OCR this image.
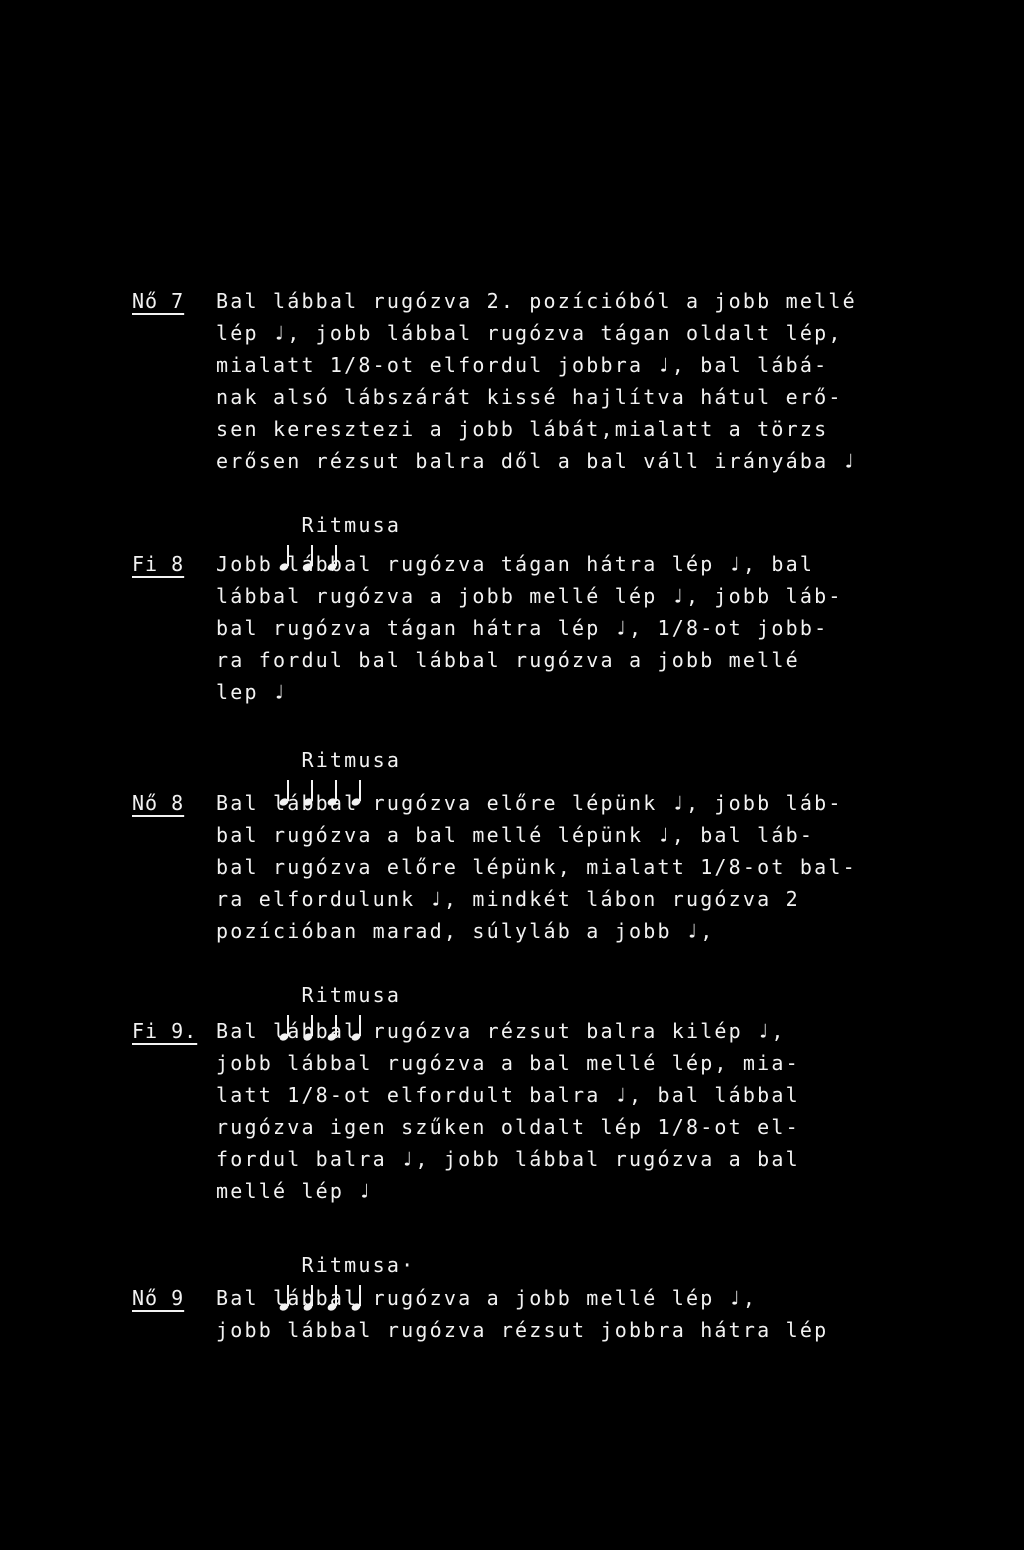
Nő 7 Bal lábbal rugózva 2. pozícióból a jobb mellé
lép ♩, jobb lábbal rugózva tágan oldalt lép,
mialatt 1/8-ot elfordul jobbra ♩, bal lábá-
nak alsó lábszárát kissé hajlítva hátul erő-
sen keresztezi a jobb lábát,mialatt a törzs
erősen rézsut balra dől a bal váll irányába ♩

Ritmusa

Fi 8 Jobb lábbal rugózva tágan hátra lép ♩, bal
lábbal rugózva a jobb mellé lép ♩, jobb láb-
bal rugózva tágan hátra lép ♩, 1/8-ot jobb-
ra fordul bal lábbal rugózva a jobb mellé
lep ♩

Ritmusa

Nő 8 Bal lábbal rugózva előre lépünk ♩, jobb láb-
bal rugózva a bal mellé lépünk ♩, bal láb-
bal rugózva előre lépünk, mialatt 1/8-ot bal-
ra elfordulunk ♩, mindkét lábon rugózva 2
pozícióban marad, súlyláb a jobb ♩,

Ritmusa

Fi 9. Bal lábbal rugózva rézsut balra kilép ♩,
jobb lábbal rugózva a bal mellé lép, mia-
latt 1/8-ot elfordult balra ♩, bal lábbal
rugózva igen szűken oldalt lép 1/8-ot el-
fordul balra ♩, jobb lábbal rugózva a bal
mellé lép ♩

Ritmusa·

Nő 9 Bal lábbal rugózva a jobb mellé lép ♩,
jobb lábbal rugózva rézsut jobbra hátra lép
